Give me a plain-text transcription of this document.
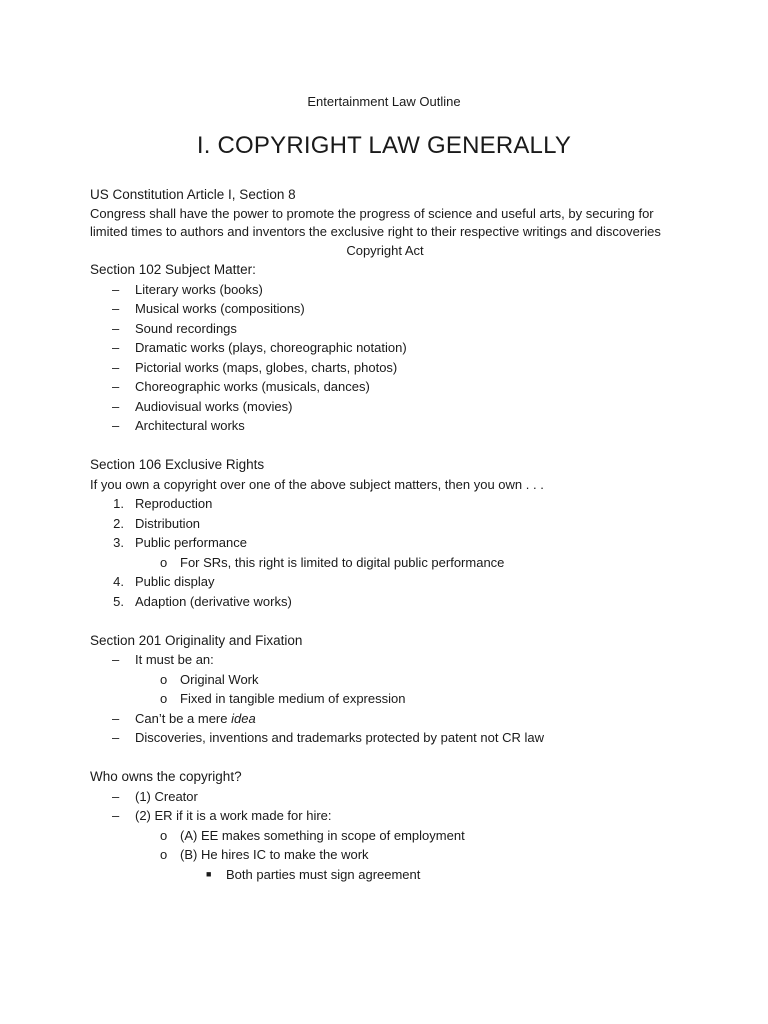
Entertainment Law Outline
I. COPYRIGHT LAW GENERALLY
US Constitution Article I, Section 8
Congress shall have the power to promote the progress of science and useful arts, by securing for limited times to authors and inventors the exclusive right to their respective writings and discoveries
Copyright Act
Section 102 Subject Matter:
– Literary works (books)
– Musical works (compositions)
– Sound recordings
– Dramatic works (plays, choreographic notation)
– Pictorial works (maps, globes, charts, photos)
– Choreographic works (musicals, dances)
– Audiovisual works (movies)
– Architectural works
Section 106 Exclusive Rights
If you own a copyright over one of the above subject matters, then you own . . .
1. Reproduction
2. Distribution
3. Public performance
o For SRs, this right is limited to digital public performance
4. Public display
5. Adaption (derivative works)
Section 201 Originality and Fixation
– It must be an:
o Original Work
o Fixed in tangible medium of expression
– Can’t be a mere idea
– Discoveries, inventions and trademarks protected by patent not CR law
Who owns the copyright?
– (1) Creator
– (2) ER if it is a work made for hire:
o (A) EE makes something in scope of employment
o (B) He hires IC to make the work
■ Both parties must sign agreement
